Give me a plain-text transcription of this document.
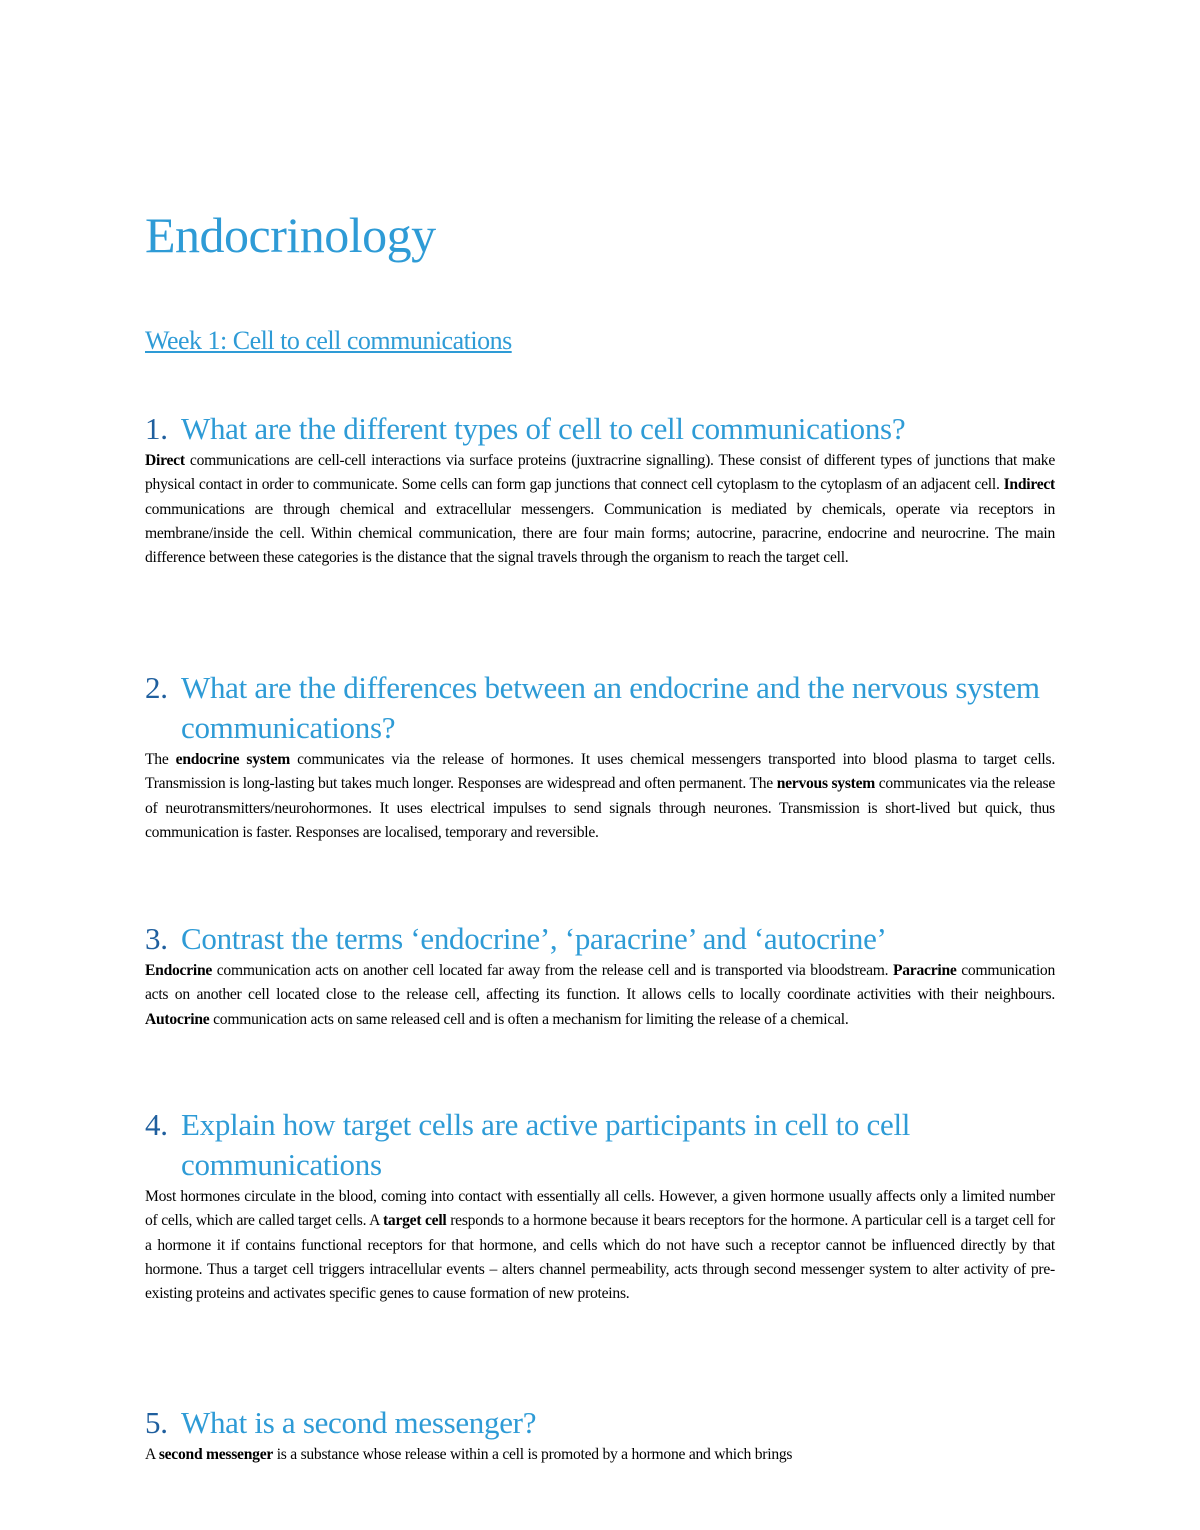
Endocrinology
Week 1: Cell to cell communications
1. What are the different types of cell to cell communications?

Direct communications are cell-cell interactions via surface proteins (juxtracrine signalling). These consist of different types of junctions that make physical contact in order to communicate. Some cells can form gap junctions that connect cell cytoplasm to the cytoplasm of an adjacent cell. Indirect communications are through chemical and extracellular messengers. Communication is mediated by chemicals, operate via receptors in membrane/inside the cell. Within chemical communication, there are four main forms; autocrine, paracrine, endocrine and neurocrine. The main difference between these categories is the distance that the signal travels through the organism to reach the target cell.

2. What are the differences between an endocrine and the nervous system communications?

The endocrine system communicates via the release of hormones. It uses chemical messengers transported into blood plasma to target cells. Transmission is long-lasting but takes much longer. Responses are widespread and often permanent. The nervous system communicates via the release of neurotransmitters/neurohormones. It uses electrical impulses to send signals through neurones. Transmission is short-lived but quick, thus communication is faster. Responses are localised, temporary and reversible.

3. Contrast the terms ‘endocrine’, ‘paracrine’ and ‘autocrine’

Endocrine communication acts on another cell located far away from the release cell and is transported via bloodstream. Paracrine communication acts on another cell located close to the release cell, affecting its function. It allows cells to locally coordinate activities with their neighbours. Autocrine communication acts on same released cell and is often a mechanism for limiting the release of a chemical.

4. Explain how target cells are active participants in cell to cell communications

Most hormones circulate in the blood, coming into contact with essentially all cells. However, a given hormone usually affects only a limited number of cells, which are called target cells. A target cell responds to a hormone because it bears receptors for the hormone. A particular cell is a target cell for a hormone it if contains functional receptors for that hormone, and cells which do not have such a receptor cannot be influenced directly by that hormone. Thus a target cell triggers intracellular events – alters channel permeability, acts through second messenger system to alter activity of pre-existing proteins and activates specific genes to cause formation of new proteins.

5. What is a second messenger?

A second messenger is a substance whose release within a cell is promoted by a hormone and which brings
